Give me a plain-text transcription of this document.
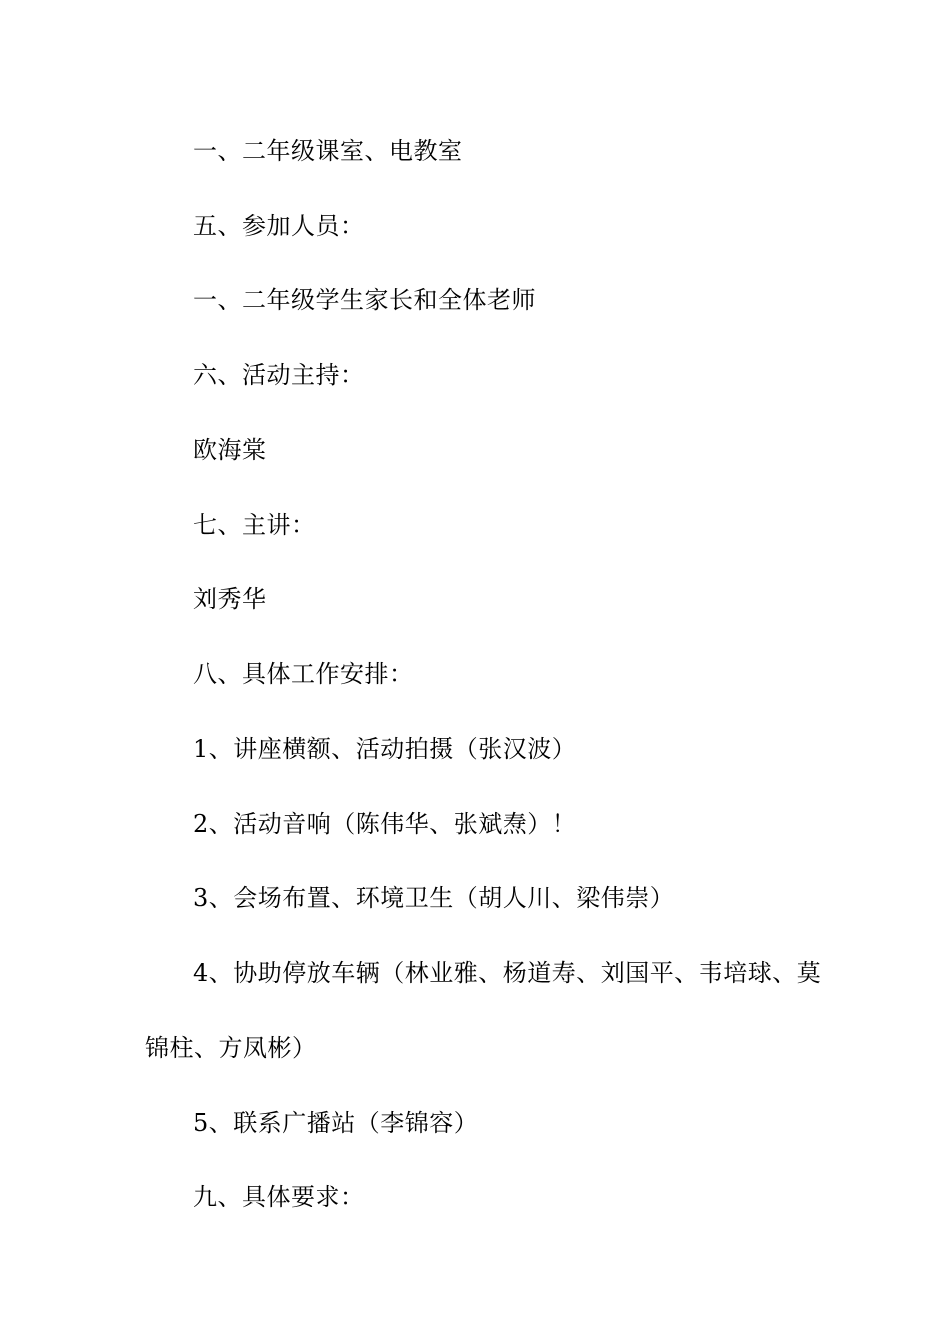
一、二年级课室、电教室
五、参加人员：
一、二年级学生家长和全体老师
六、活动主持：
欧海棠
七、主讲：
刘秀华
八、具体工作安排：
1、讲座横额、活动拍摄（张汉波）
2、活动音响（陈伟华、张斌焘）！
3、会场布置、环境卫生（胡人川、梁伟崇）
4、协助停放车辆（林业雅、杨道寿、刘国平、韦培球、莫
锦柱、方凤彬）
5、联系广播站（李锦容）
九、具体要求：
